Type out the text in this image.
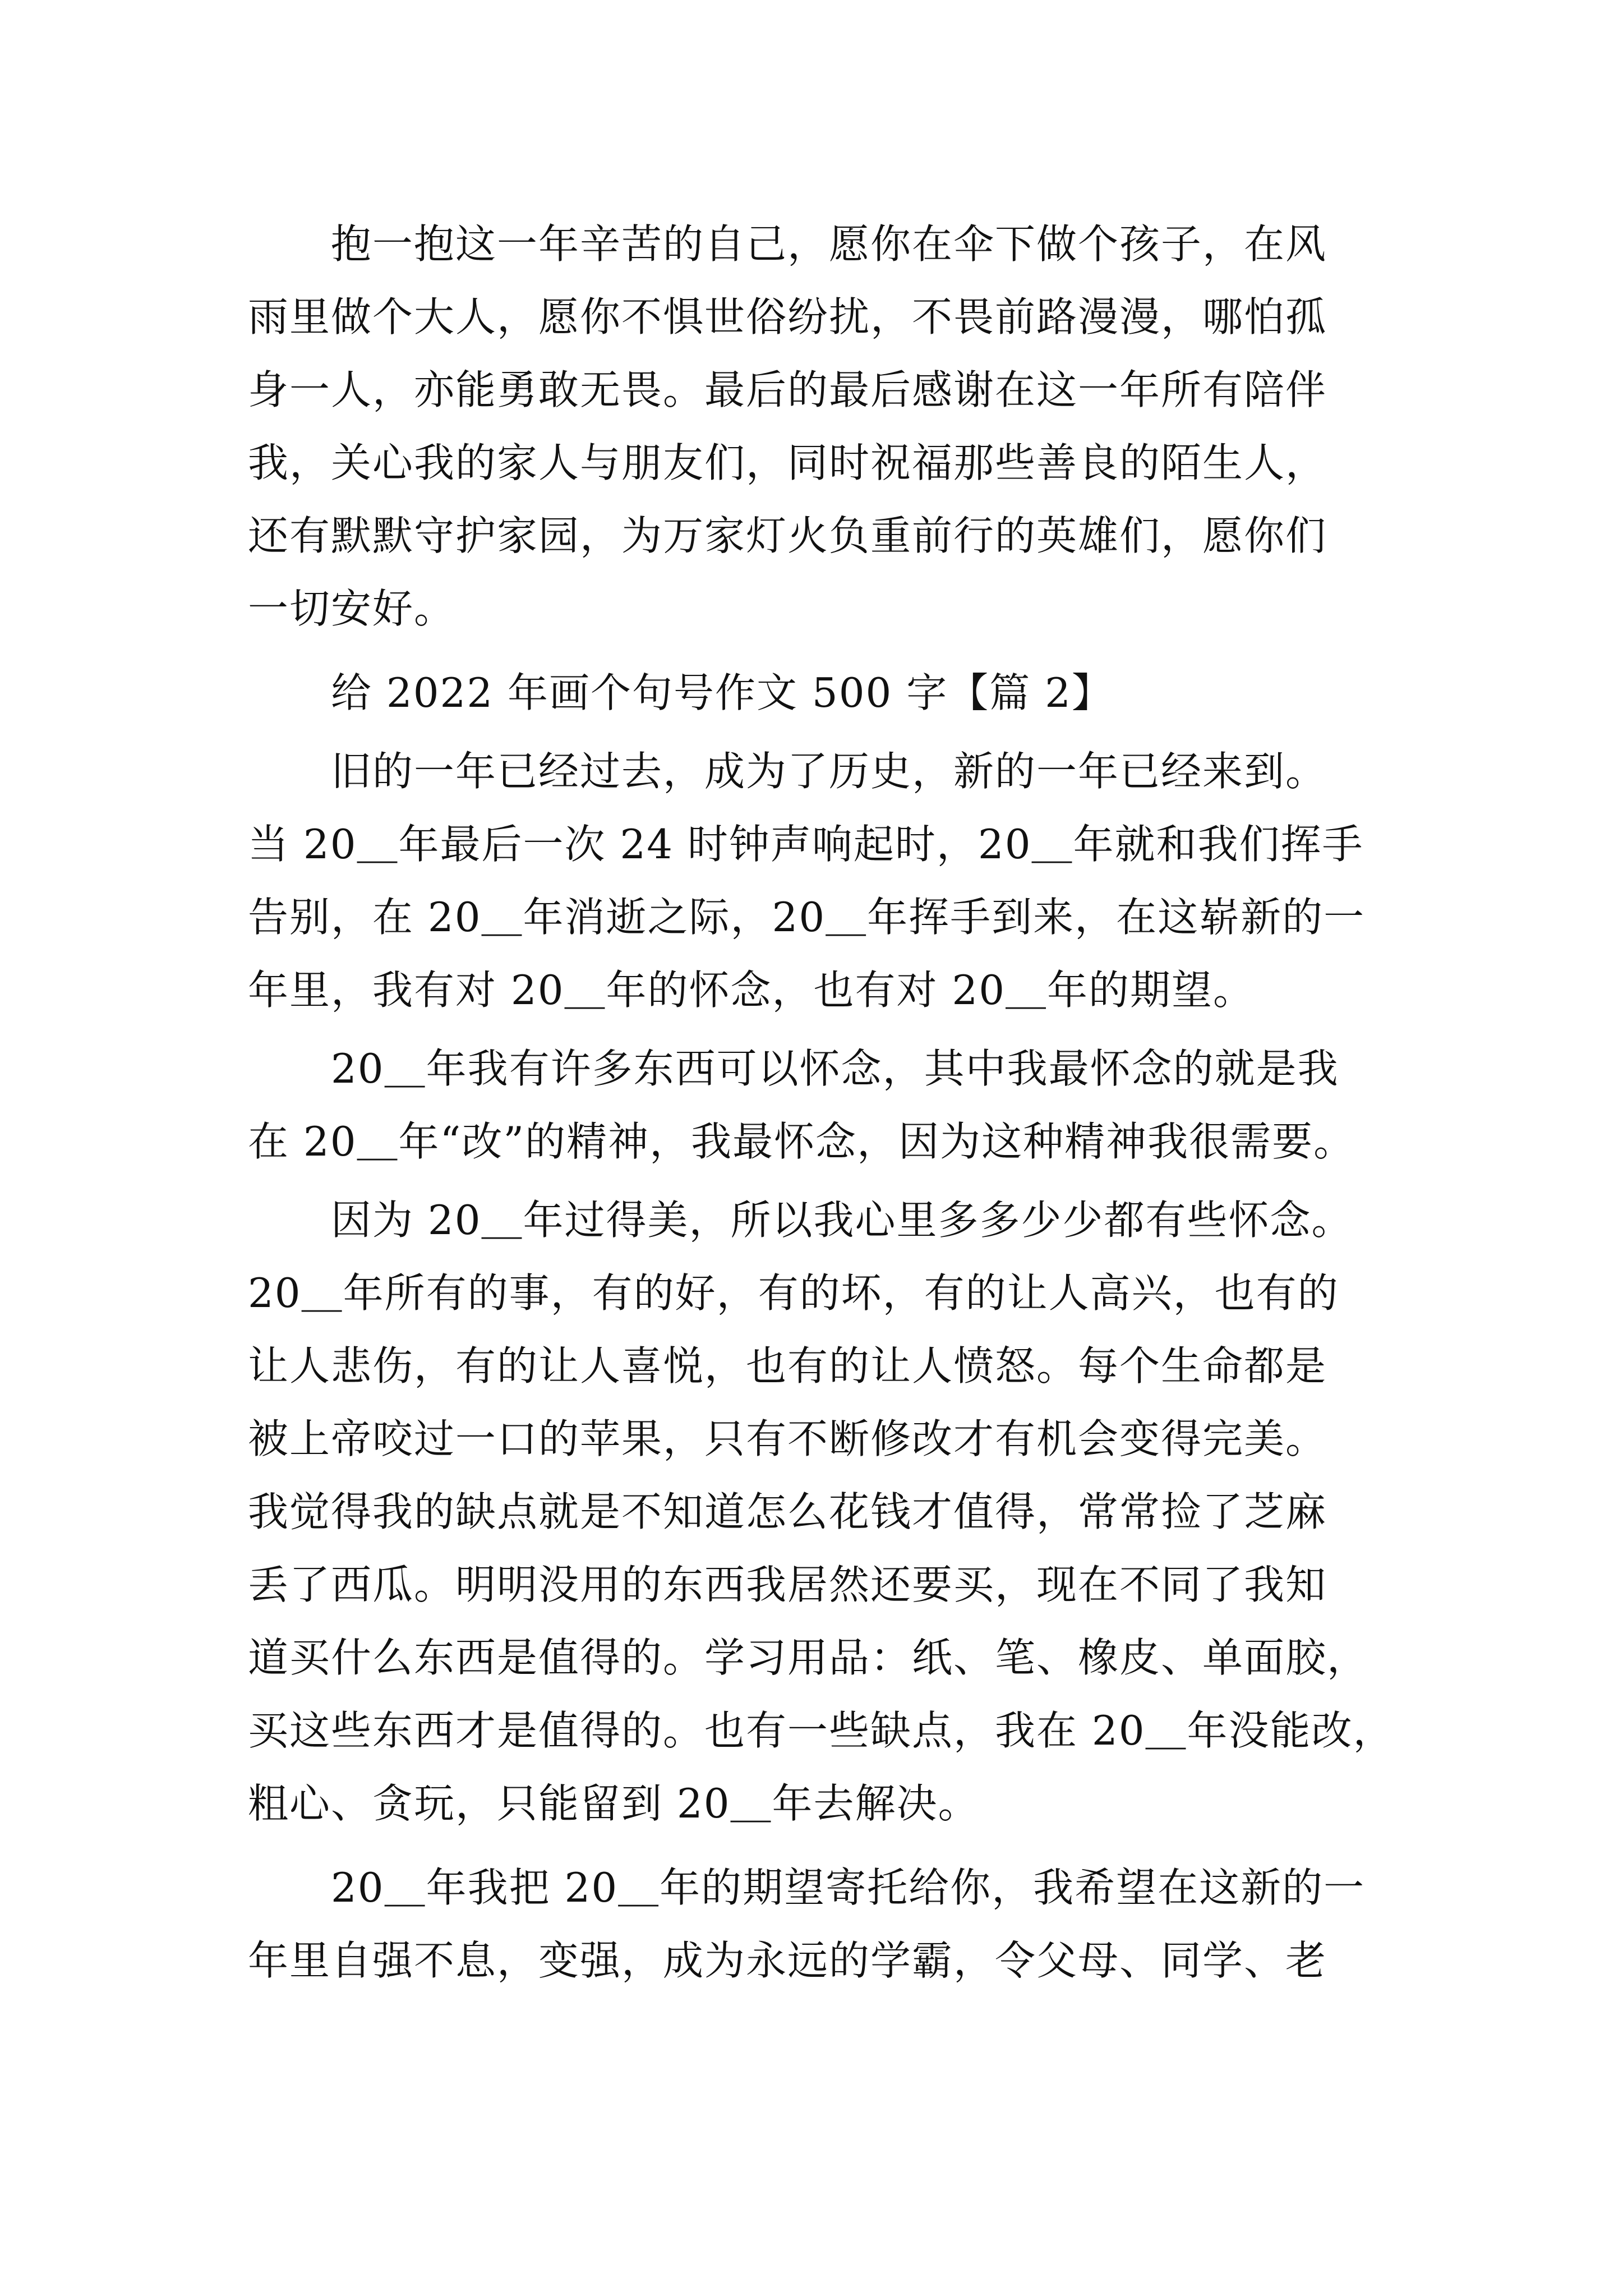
抱一抱这一年辛苦的自己，愿你在伞下做个孩子，在风
雨里做个大人，愿你不惧世俗纷扰，不畏前路漫漫，哪怕孤
身一人，亦能勇敢无畏。最后的最后感谢在这一年所有陪伴
我，关心我的家人与朋友们，同时祝福那些善良的陌生人，
还有默默守护家园，为万家灯火负重前行的英雄们，愿你们
一切安好。
给 2022 年画个句号作文 500 字【篇 2】
旧的一年已经过去，成为了历史，新的一年已经来到。
当 20＿年最后一次 24 时钟声响起时，20＿年就和我们挥手
告别，在 20＿年消逝之际，20＿年挥手到来，在这崭新的一
年里，我有对 20＿年的怀念，也有对 20＿年的期望。
20＿年我有许多东西可以怀念，其中我最怀念的就是我
在 20＿年“改”的精神，我最怀念，因为这种精神我很需要。
因为 20＿年过得美，所以我心里多多少少都有些怀念。
20＿年所有的事，有的好，有的坏，有的让人高兴，也有的
让人悲伤，有的让人喜悦，也有的让人愤怒。每个生命都是
被上帝咬过一口的苹果，只有不断修改才有机会变得完美。
我觉得我的缺点就是不知道怎么花钱才值得，常常捡了芝麻
丢了西瓜。明明没用的东西我居然还要买，现在不同了我知
道买什么东西是值得的。学习用品：纸、笔、橡皮、单面胶，
买这些东西才是值得的。也有一些缺点，我在 20＿年没能改，
粗心、贪玩，只能留到 20＿年去解决。
20＿年我把 20＿年的期望寄托给你，我希望在这新的一
年里自强不息，变强，成为永远的学霸，令父母、同学、老
